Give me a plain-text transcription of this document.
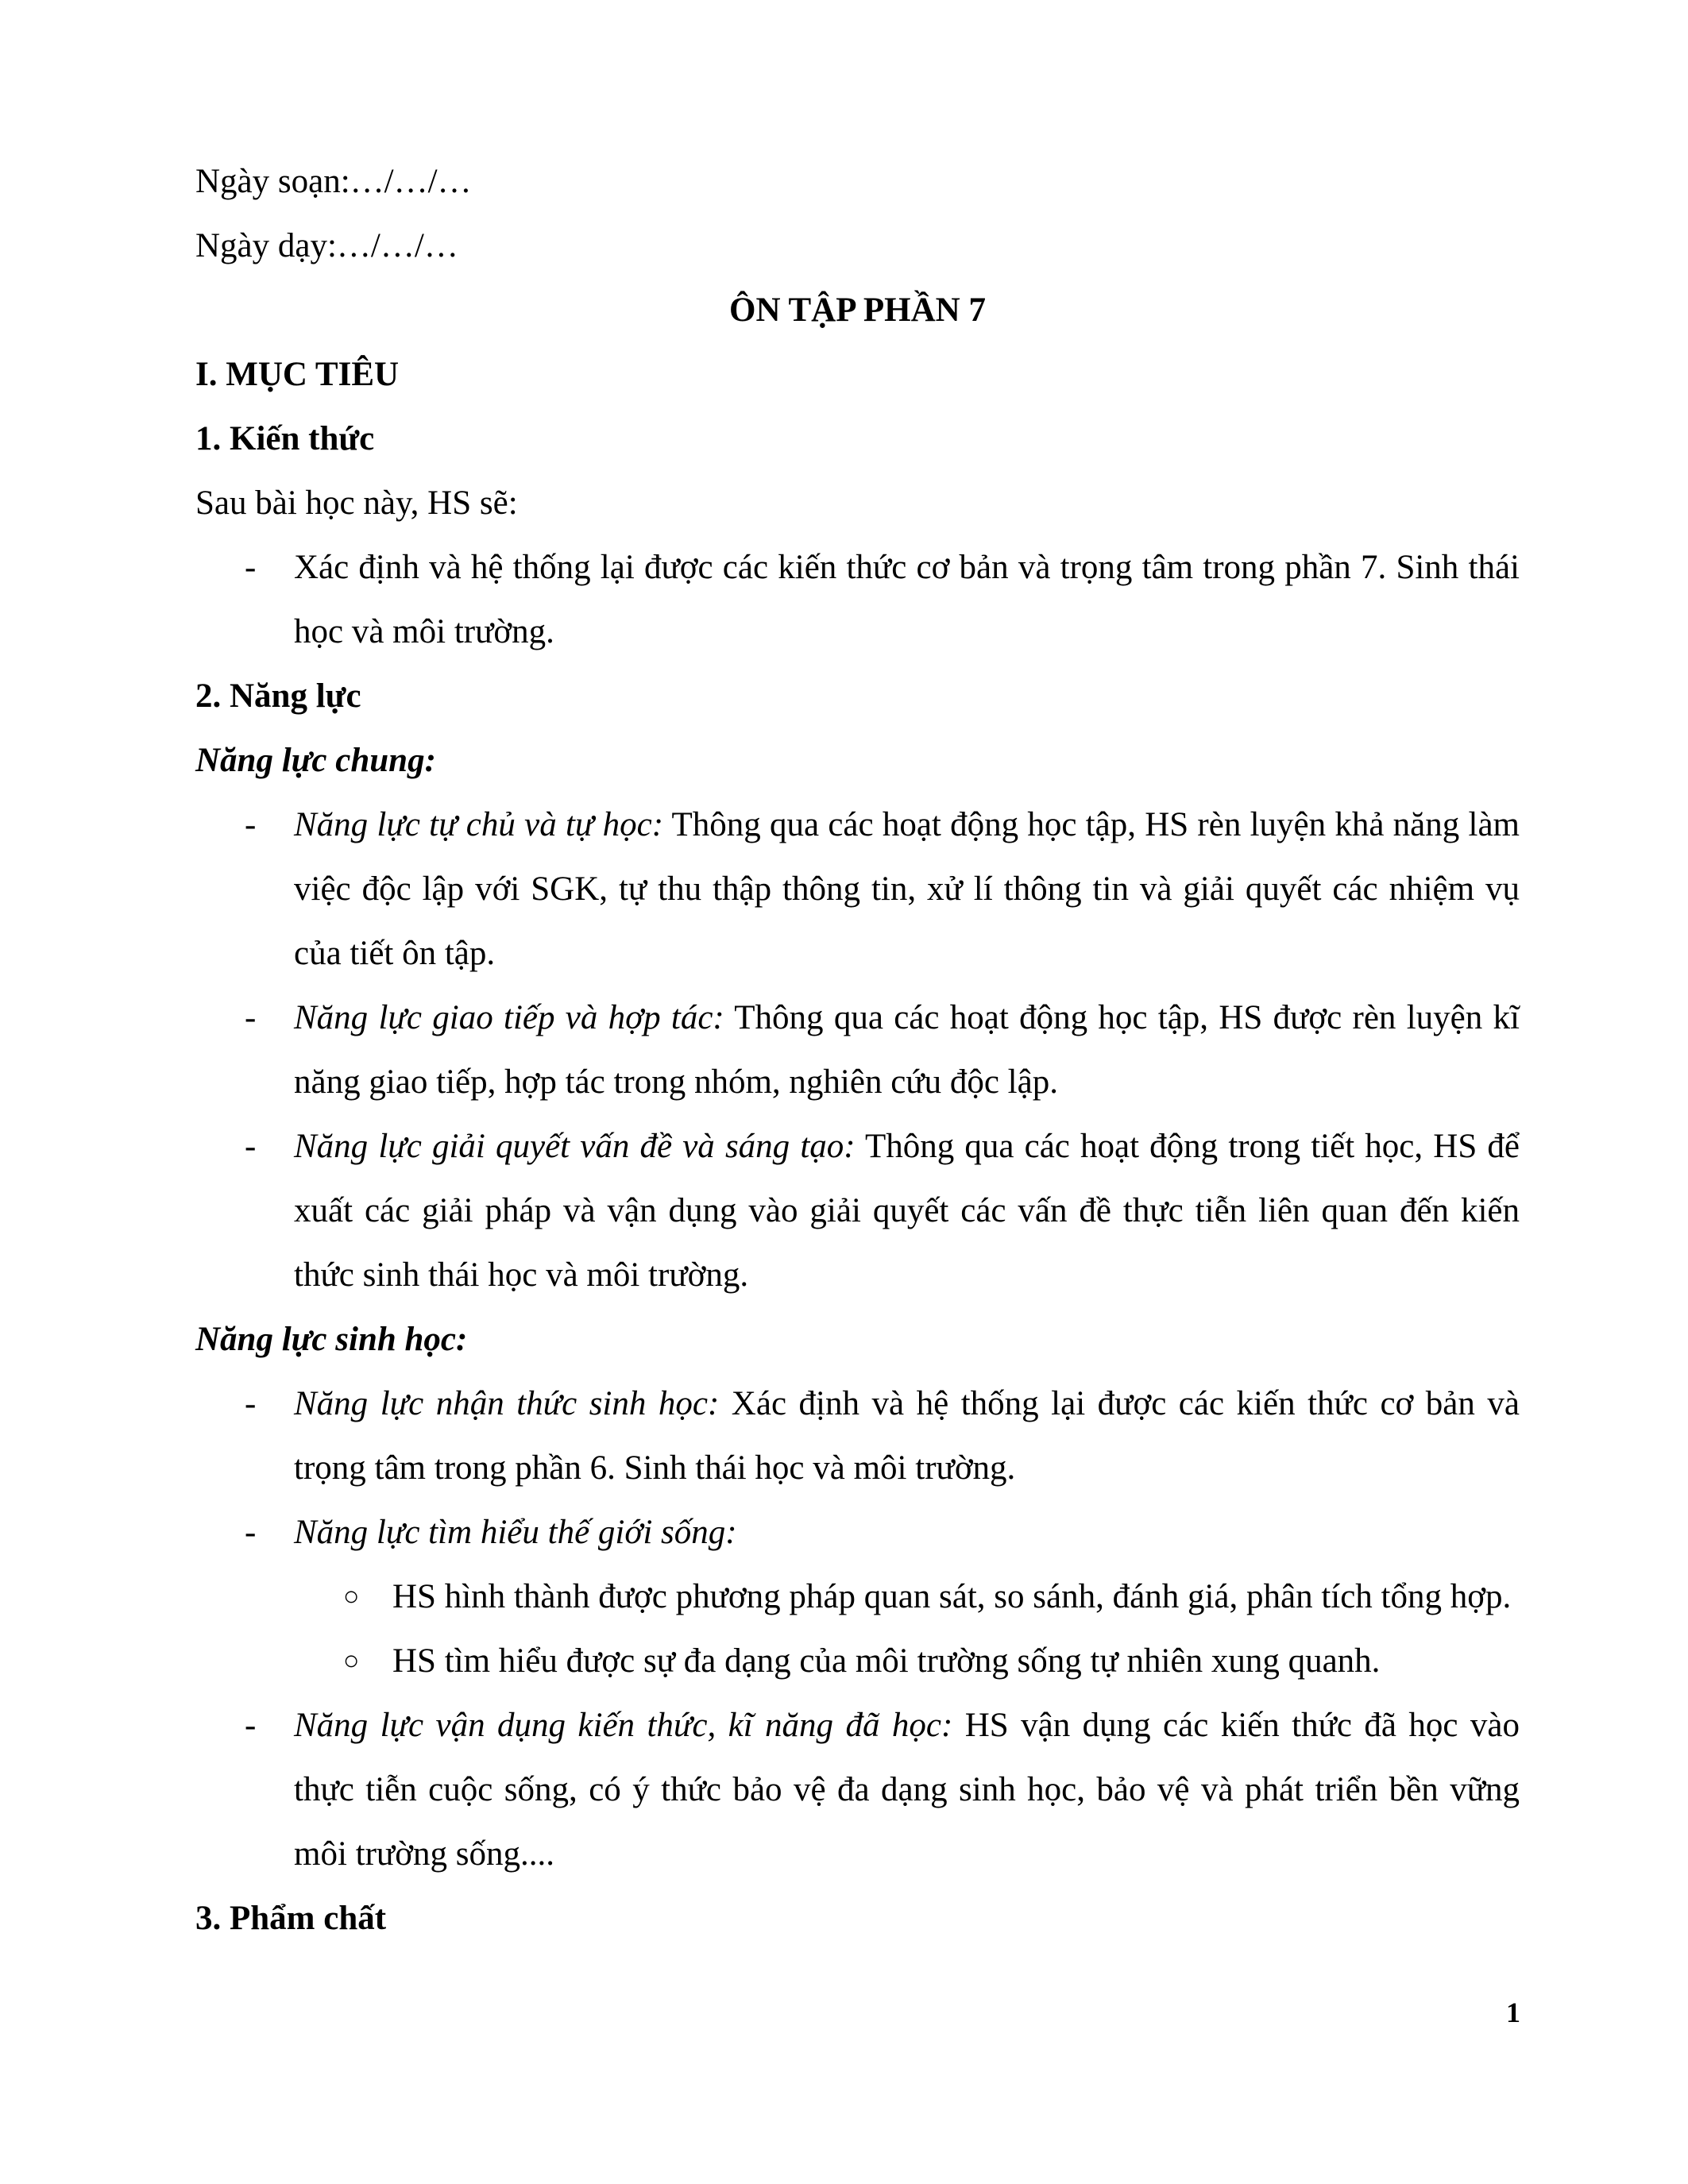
Ngày soạn:…/…/…

Ngày dạy:…/…/…

ÔN TẬP PHẦN 7

I. MỤC TIÊU

1. Kiến thức

Sau bài học này, HS sẽ:

- Xác định và hệ thống lại được các kiến thức cơ bản và trọng tâm trong phần 7. Sinh thái học và môi trường.

2. Năng lực

Năng lực chung:

- Năng lực tự chủ và tự học: Thông qua các hoạt động học tập, HS rèn luyện khả năng làm việc độc lập với SGK, tự thu thập thông tin, xử lí thông tin và giải quyết các nhiệm vụ của tiết ôn tập.
- Năng lực giao tiếp và hợp tác: Thông qua các hoạt động học tập, HS được rèn luyện kĩ năng giao tiếp, hợp tác trong nhóm, nghiên cứu độc lập.
- Năng lực giải quyết vấn đề và sáng tạo: Thông qua các hoạt động trong tiết học, HS để xuất các giải pháp và vận dụng vào giải quyết các vấn đề thực tiễn liên quan đến kiến thức sinh thái học và môi trường.

Năng lực sinh học:

- Năng lực nhận thức sinh học: Xác định và hệ thống lại được các kiến thức cơ bản và trọng tâm trong phần 6. Sinh thái học và môi trường.
- Năng lực tìm hiểu thế giới sống:
○ HS hình thành được phương pháp quan sát, so sánh, đánh giá, phân tích tổng hợp.
○ HS tìm hiểu được sự đa dạng của môi trường sống tự nhiên xung quanh.
- Năng lực vận dụng kiến thức, kĩ năng đã học: HS vận dụng các kiến thức đã học vào thực tiễn cuộc sống, có ý thức bảo vệ đa dạng sinh học, bảo vệ và phát triển bền vững môi trường sống....

3. Phẩm chất

1
